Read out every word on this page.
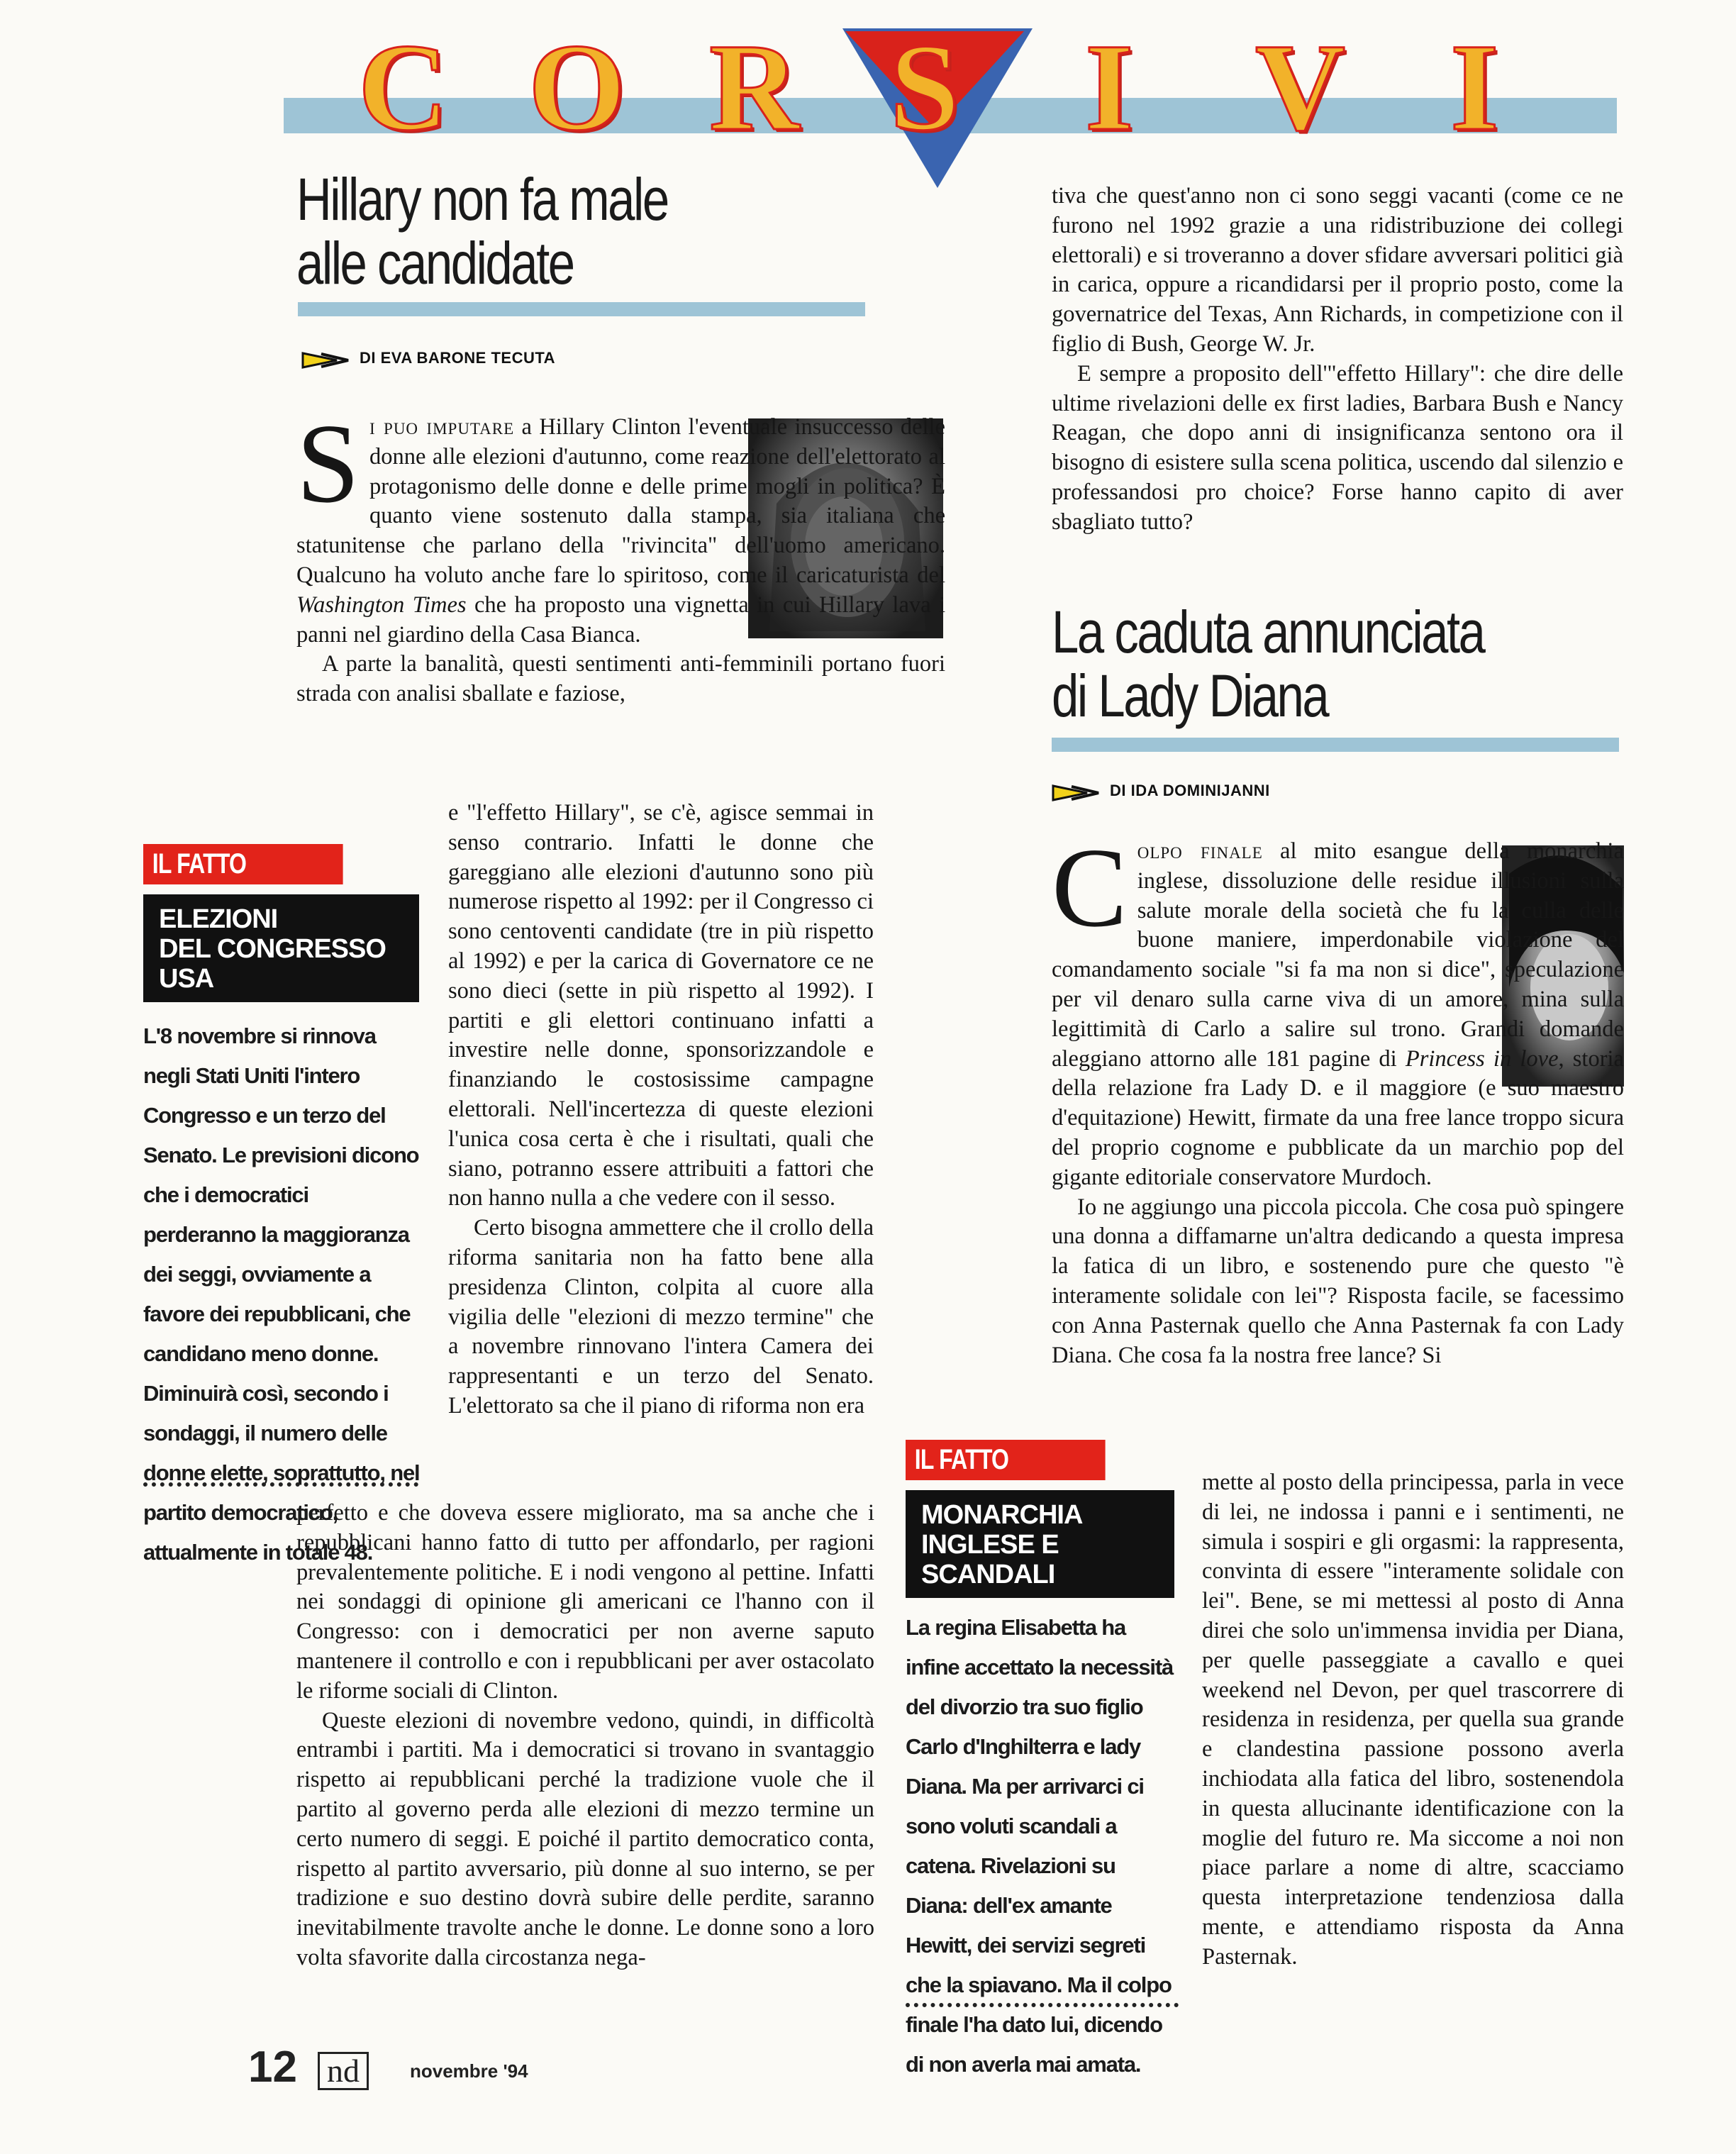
C O R S I V I
Hillary non fa male
alle candidate
DI EVA BARONE TECUTA

Si puo imputare a Hillary Clinton l'eventuale insuccesso delle donne alle elezioni d'autunno, come reazione dell'elettorato al protagonismo delle donne e delle prime mogli in politica? È quanto viene sostenuto dalla stampa, sia italiana che statunitense che parlano della "rivincita" dell'uomo americano. Qualcuno ha voluto anche fare lo spiritoso, come il caricaturista del Washington Times che ha proposto una vignetta in cui Hillary lava i panni nel giardino della Casa Bianca.

A parte la banalità, questi sentimenti anti-femminili portano fuori strada con analisi sballate e faziose,

e "l'effetto Hillary", se c'è, agisce semmai in senso contrario. Infatti le donne che gareggiano alle elezioni d'autunno sono più numerose rispetto al 1992: per il Congresso ci sono centoventi candidate (tre in più rispetto al 1992) e per la carica di Governatore ce ne sono dieci (sette in più rispetto al 1992). I partiti e gli elettori continuano infatti a investire nelle donne, sponsorizzandole e finanziando le costosissime campagne elettorali. Nell'incertezza di queste elezioni l'unica cosa certa è che i risultati, quali che siano, potranno essere attribuiti a fattori che non hanno nulla a che vedere con il sesso.

Certo bisogna ammettere che il crollo della riforma sanitaria non ha fatto bene alla presidenza Clinton, colpita al cuore alla vigilia delle "elezioni di mezzo termine" che a novembre rinnovano l'intera Camera dei rappresentanti e un terzo del Senato. L'elettorato sa che il piano di riforma non era

perfetto e che doveva essere migliorato, ma sa anche che i repubblicani hanno fatto di tutto per affondarlo, per ragioni prevalentemente politiche. E i nodi vengono al pettine. Infatti nei sondaggi di opinione gli americani ce l'hanno con il Congresso: con i democratici per non averne saputo mantenere il controllo e con i repubblicani per aver ostacolato le riforme sociali di Clinton.

Queste elezioni di novembre vedono, quindi, in difficoltà entrambi i partiti. Ma i democratici si trovano in svantaggio rispetto ai repubblicani perché la tradizione vuole che il partito al governo perda alle elezioni di mezzo termine un certo numero di seggi. E poiché il partito democratico conta, rispetto al partito avversario, più donne al suo interno, se per tradizione e suo destino dovrà subire delle perdite, saranno inevitabilmente travolte anche le donne. Le donne sono a loro volta sfavorite dalla circostanza nega-

IL FATTO
ELEZIONI
DEL CONGRESSO USA
L'8 novembre si rinnova negli Stati Uniti l'intero Congresso e un terzo del Senato. Le previsioni dicono che i democratici perderanno la maggioranza dei seggi, ovviamente a favore dei repubblicani, che candidano meno donne. Diminuirà così, secondo i sondaggi, il numero delle donne elette, soprattutto, nel partito democratico, attualmente in totale 48.

tiva che quest'anno non ci sono seggi vacanti (come ce ne furono nel 1992 grazie a una ridistribuzione dei collegi elettorali) e si troveranno a dover sfidare avversari politici già in carica, oppure a ricandidarsi per il proprio posto, come la governatrice del Texas, Ann Richards, in competizione con il figlio di Bush, George W. Jr.

E sempre a proposito dell'"effetto Hillary": che dire delle ultime rivelazioni delle ex first ladies, Barbara Bush e Nancy Reagan, che dopo anni di insignificanza sentono ora il bisogno di esistere sulla scena politica, uscendo dal silenzio e professandosi pro choice? Forse hanno capito di aver sbagliato tutto?

La caduta annunciata
di Lady Diana
DI IDA DOMINIJANNI

Colpo finale al mito esangue della monarchia inglese, dissoluzione delle residue illusioni sulla salute morale della società che fu la culla delle buone maniere, imperdonabile violazione del comandamento sociale "si fa ma non si dice", speculazione per vil denaro sulla carne viva di un amore, mina sulla legittimità di Carlo a salire sul trono. Grandi domande aleggiano attorno alle 181 pagine di Princess in love, storia della relazione fra Lady D. e il maggiore (e suo maestro d'equitazione) Hewitt, firmate da una free lance troppo sicura del proprio cognome e pubblicate da un marchio pop del gigante editoriale conservatore Murdoch.

Io ne aggiungo una piccola piccola. Che cosa può spingere una donna a diffamarne un'altra dedicando a questa impresa la fatica di un libro, e sostenendo pure che questo "è interamente solidale con lei"? Risposta facile, se facessimo con Anna Pasternak quello che Anna Pasternak fa con Lady Diana. Che cosa fa la nostra free lance? Si

mette al posto della principessa, parla in vece di lei, ne indossa i panni e i sentimenti, ne simula i sospiri e gli orgasmi: la rappresenta, convinta di essere "interamente solidale con lei". Bene, se mi mettessi al posto di Anna direi che solo un'immensa invidia per Diana, per quelle passeggiate a cavallo e quei weekend nel Devon, per quel trascorrere di residenza in residenza, per quella sua grande e clandestina passione possono averla inchiodata alla fatica del libro, sostenendola in questa allucinante identificazione con la moglie del futuro re. Ma siccome a noi non piace parlare a nome di altre, scacciamo questa interpretazione tendenziosa dalla mente, e attendiamo risposta da Anna Pasternak.

IL FATTO
MONARCHIA
INGLESE E SCANDALI
La regina Elisabetta ha infine accettato la necessità del divorzio tra suo figlio Carlo d'Inghilterra e lady Diana. Ma per arrivarci ci sono voluti scandali a catena. Rivelazioni su Diana: dell'ex amante Hewitt, dei servizi segreti che la spiavano. Ma il colpo finale l'ha dato lui, dicendo di non averla mai amata.
12 nd	novembre '94
